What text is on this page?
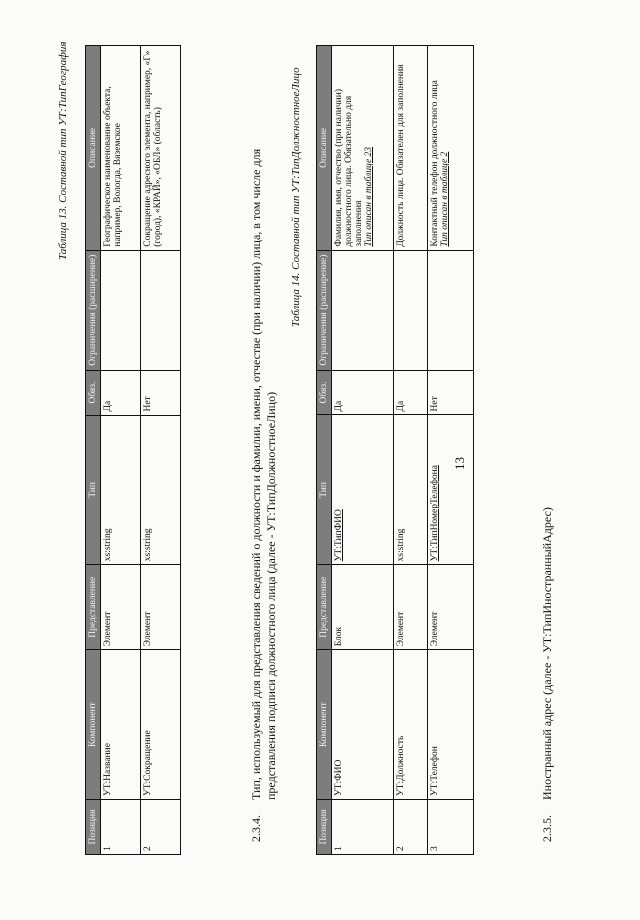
13
Таблица 13. Составной тип УТ:ТипГеография
Позиция	Компонент	Представление	Тип	Обяз.	Ограничения (расширение)	Описание
1	УТ:Название	Элемент	xs:string	Да		Географическое наименование объекта, например, Вологда, Вяземское
2	УТ:Сокращение	Элемент	xs:string	Нет		Сокращение адресного элемента, например, «Г» (город), «КРАЙ», «ОБЛ» (область)
2.3.4.
Тип, используемый для представления сведений о должности и фамилии, имени, отчестве (при наличии) лица, в том числе для представления подписи должностного лица (далее - УТ:ТипДолжностноеЛицо)
Таблица 14. Составной тип УТ:ТипДолжностноеЛицо
Позиция	Компонент	Представление	Тип	Обяз.	Ограничения (расширение)	Описание
1	УТ:ФИО	Блок	УТ:ТипФИО	Да		Фамилия, имя, отчество (при наличии) должностного лица. Обязательно для заполнения
Тип описан в таблице 23
2	УТ:Должность	Элемент	xs:string	Да		Должность лица. Обязателен для заполнения
3	УТ:Телефон	Элемент	УТ:ТипНомерТелефона	Нет		Контактный телефон должностного лица
Тип описан в таблице 2
2.3.5.
Иностранный адрес (далее - УТ:ТипИностранныйАдрес)
